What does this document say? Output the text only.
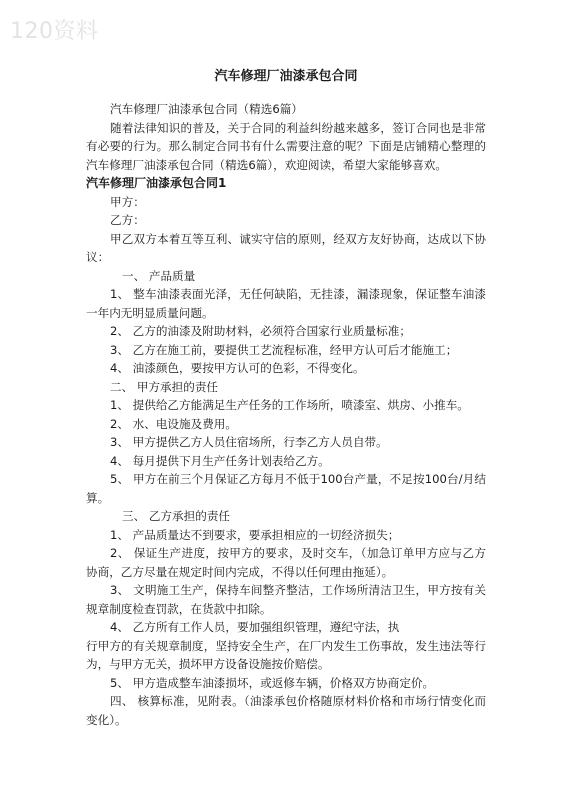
120资料
汽车修理厂油漆承包合同

汽车修理厂油漆承包合同（精选6篇）

随着法律知识的普及，关于合同的利益纠纷越来越多，签订合同也是非常有必要的行为。那么制定合同书有什么需要注意的呢？下面是店铺精心整理的汽车修理厂油漆承包合同（精选6篇），欢迎阅读，希望大家能够喜欢。

汽车修理厂油漆承包合同1

甲方：

乙方：

甲乙双方本着互等互利、诚实守信的原则，经双方友好协商，达成以下协议：

一、 产品质量

1、 整车油漆表面光泽，无任何缺陷，无挂漆，漏漆现象，保证整车油漆一年内无明显质量问题。

2、 乙方的油漆及附助材料，必须符合国家行业质量标准；

3、 乙方在施工前，要提供工艺流程标准，经甲方认可后才能施工；

4、 油漆颜色，要按甲方认可的色彩，不得变化。

二、 甲方承担的责任

1、 提供给乙方能满足生产任务的工作场所，喷漆室、烘房、小推车。

2、 水、电设施及费用。

3、 甲方提供乙方人员住宿场所，行李乙方人员自带。

4、 每月提供下月生产任务计划表给乙方。

5、 甲方在前三个月保证乙方每月不低于100台产量，不足按100台/月结算。

三、 乙方承担的责任

1、 产品质量达不到要求，要承担相应的一切经济损失；

2、 保证生产进度，按甲方的要求，及时交车，（加急订单甲方应与乙方协商，乙方尽量在规定时间内完成，不得以任何理由拖延）。

3、 文明施工生产，保持车间整齐整洁，工作场所清洁卫生，甲方按有关规章制度检查罚款，在货款中扣除。

4、 乙方所有工作人员，要加强组织管理，遵纪守法，执

行甲方的有关规章制度，坚持安全生产，在厂内发生工伤事故，发生违法等行为，与甲方无关，损坏甲方设备设施按价赔偿。

5、 甲方造成整车油漆损坏，或返修车辆，价格双方协商定价。

四、 核算标准，见附表。（油漆承包价格随原材料价格和市场行情变化而变化）。
